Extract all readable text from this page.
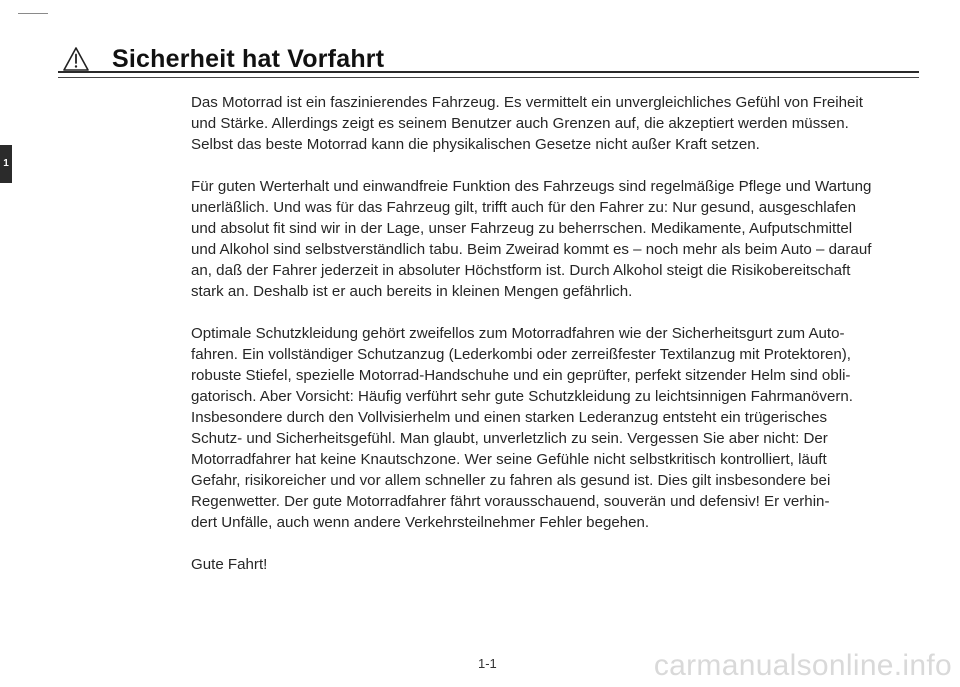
Sicherheit hat Vorfahrt
1

Das Motorrad ist ein faszinierendes Fahrzeug. Es vermittelt ein unvergleichliches Gefühl von Freiheit
und Stärke. Allerdings zeigt es seinem Benutzer auch Grenzen auf, die akzeptiert werden müssen.
Selbst das beste Motorrad kann die physikalischen Gesetze nicht außer Kraft setzen.

Für guten Werterhalt und einwandfreie Funktion des Fahrzeugs sind regelmäßige Pflege und Wartung
unerläßlich. Und was für das Fahrzeug gilt, trifft auch für den Fahrer zu: Nur gesund, ausgeschlafen
und absolut fit sind wir in der Lage, unser Fahrzeug zu beherrschen. Medikamente, Aufputschmittel
und Alkohol sind selbstverständlich tabu. Beim Zweirad kommt es – noch mehr als beim Auto – darauf
an, daß der Fahrer jederzeit in absoluter Höchstform ist. Durch Alkohol steigt die Risikobereitschaft
stark an. Deshalb ist er auch bereits in kleinen Mengen gefährlich.

Optimale Schutzkleidung gehört zweifellos zum Motorradfahren wie der Sicherheitsgurt zum Auto-
fahren. Ein vollständiger Schutzanzug (Lederkombi oder zerreißfester Textilanzug mit Protektoren),
robuste Stiefel, spezielle Motorrad-Handschuhe und ein geprüfter, perfekt sitzender Helm sind obli-
gatorisch. Aber Vorsicht: Häufig verführt sehr gute Schutzkleidung zu leichtsinnigen Fahrmanövern.
Insbesondere durch den Vollvisierhelm und einen starken Lederanzug entsteht ein trügerisches
Schutz- und Sicherheitsgefühl. Man glaubt, unverletzlich zu sein. Vergessen Sie aber nicht: Der
Motorradfahrer hat keine Knautschzone. Wer seine Gefühle nicht selbstkritisch kontrolliert, läuft
Gefahr, risikoreicher und vor allem schneller zu fahren als gesund ist. Dies gilt insbesondere bei
Regenwetter. Der gute Motorradfahrer fährt vorausschauend, souverän und defensiv! Er verhin-
dert Unfälle, auch wenn andere Verkehrsteilnehmer Fehler begehen.

Gute Fahrt!

1-1	carmanualsonline.info
